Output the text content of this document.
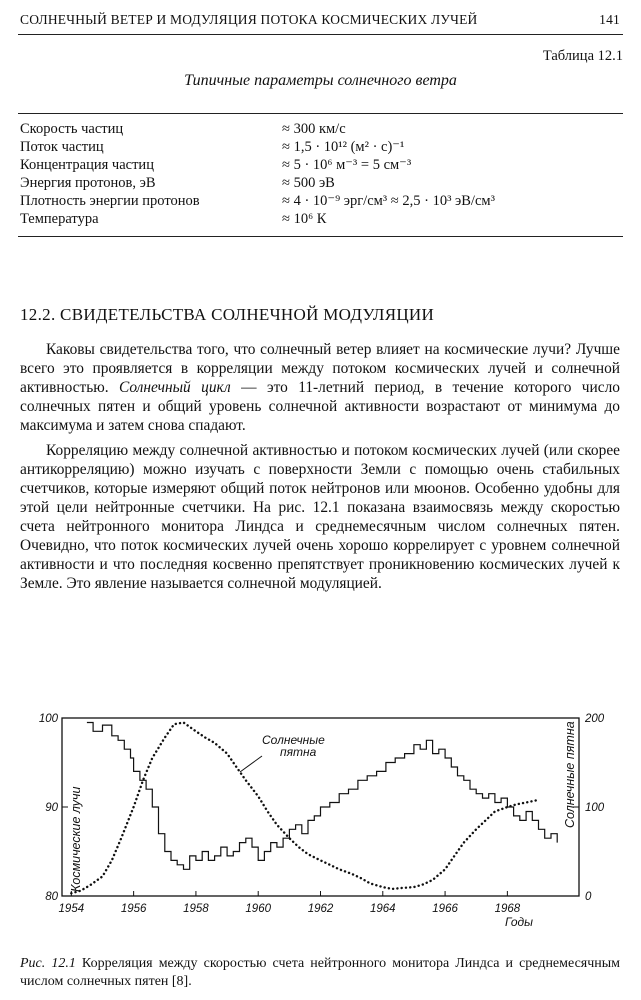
СОЛНЕЧНЫЙ ВЕТЕР И МОДУЛЯЦИЯ ПОТОКА КОСМИЧЕСКИХ ЛУЧЕЙ	141
Таблица 12.1
Типичные параметры солнечного ветра
Скорость частиц	≈ 300 км/с
Поток частиц	≈ 1,5 · 10¹² (м² · с)⁻¹
Концентрация частиц	≈ 5 · 10⁶ м⁻³ = 5 см⁻³
Энергия протонов, эВ	≈ 500 эВ
Плотность энергии протонов	≈ 4 · 10⁻⁹ эрг/см³ ≈ 2,5 · 10³ эВ/см³
Температура	≈ 10⁶ К
12.2. СВИДЕТЕЛЬСТВА СОЛНЕЧНОЙ МОДУЛЯЦИИ

Каковы свидетельства того, что солнечный ветер влияет на космические лучи? Лучше всего это проявляется в корреляции между потоком космических лучей и солнечной активностью. Солнечный цикл — это 11-летний период, в течение которого число солнечных пятен и общий уровень солнечной активности возрастают от минимума до максимума и затем снова спадают.

Корреляцию между солнечной активностью и потоком космических лучей (или скорее антикорреляцию) можно изучать с поверхности Земли с помощью очень стабильных счетчиков, которые измеряют общий поток нейтронов или мюонов. Особенно удобны для этой цели нейтронные счетчики. На рис. 12.1 показана взаимосвязь между скоростью счета нейтронного монитора Линдса и среднемесячным числом солнечных пятен. Очевидно, что поток космических лучей очень хорошо коррелирует с уровнем солнечной активности и что последняя косвенно препятствует проникновению космических лучей к Земле. Это явление называется солнечной модуляцией.

80
90
100
0
100
200
1954	1956	1958	1960	1962	1964	1966	1968
Годы
Космические лучи
Солнечные пятна
Солнечные пятна
Рис. 12.1 Корреляция между скоростью счета нейтронного монитора Линдса и среднемесячным числом солнечных пятен [8].
